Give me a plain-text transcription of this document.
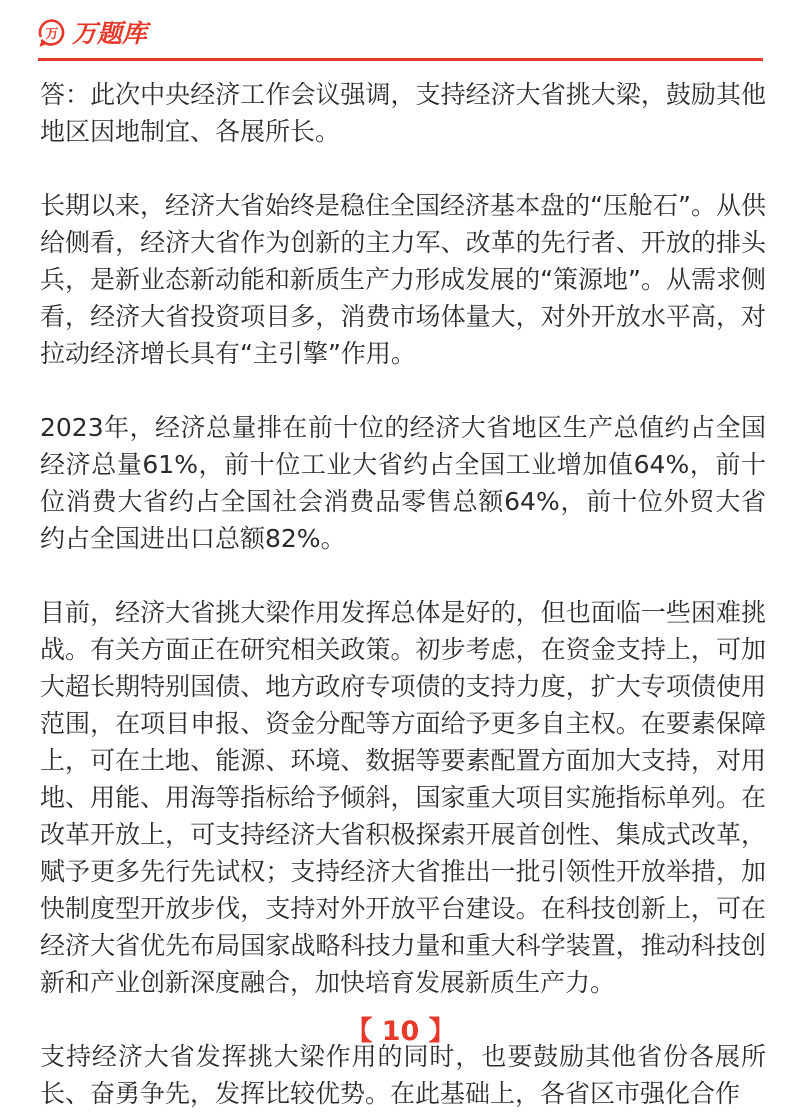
万 万题库

答：此次中央经济工作会议强调，支持经济大省挑大梁，鼓励其他地区因地制宜、各展所长。

长期以来，经济大省始终是稳住全国经济基本盘的“压舱石”。从供给侧看，经济大省作为创新的主力军、改革的先行者、开放的排头兵，是新业态新动能和新质生产力形成发展的“策源地”。从需求侧看，经济大省投资项目多，消费市场体量大，对外开放水平高，对拉动经济增长具有“主引擎”作用。

2023年，经济总量排在前十位的经济大省地区生产总值约占全国经济总量61%，前十位工业大省约占全国工业增加值64%，前十位消费大省约占全国社会消费品零售总额64%，前十位外贸大省约占全国进出口总额82%。

目前，经济大省挑大梁作用发挥总体是好的，但也面临一些困难挑战。有关方面正在研究相关政策。初步考虑，在资金支持上，可加大超长期特别国债、地方政府专项债的支持力度，扩大专项债使用范围，在项目申报、资金分配等方面给予更多自主权。在要素保障上，可在土地、能源、环境、数据等要素配置方面加大支持，对用地、用能、用海等指标给予倾斜，国家重大项目实施指标单列。在改革开放上，可支持经济大省积极探索开展首创性、集成式改革，赋予更多先行先试权；支持经济大省推出一批引领性开放举措，加快制度型开放步伐，支持对外开放平台建设。在科技创新上，可在经济大省优先布局国家战略科技力量和重大科学装置，推动科技创新和产业创新深度融合，加快培育发展新质生产力。

支持经济大省发挥挑大梁作用的同时，也要鼓励其他省份各展所长、奋勇争先，发挥比较优势。在此基础上，各省区市强化合作

【 10 】
